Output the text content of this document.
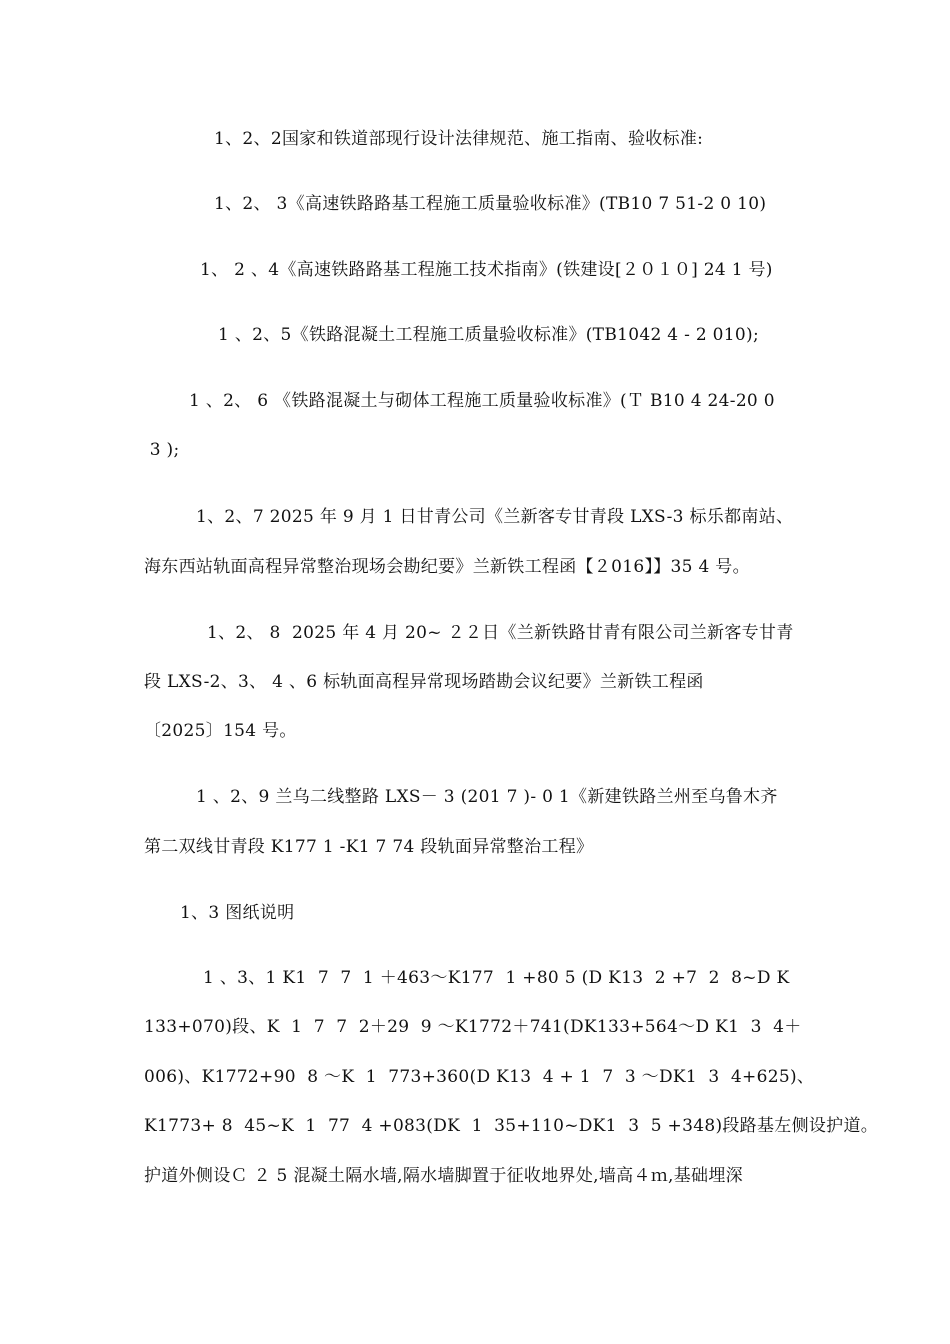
1、2、2国家和铁道部现行设计法律规范、施工指南、验收标准:
1、2、 3《高速铁路路基工程施工质量验收标准》(TB10 7 51-2 0 10)
1、 2 、4《高速铁路路基工程施工技术指南》(铁建设[２０１０] 24 1 号)
1 、2、5《铁路混凝土工程施工质量验收标准》(TB1042 4 - 2 010);
1 、2、 6 《铁路混凝土与砌体工程施工质量验收标准》(Ｔ B10 4 24-20 0
3 );
1、2、7 2025 年 9 月 1 日甘青公司《兰新客专甘青段 LXS-3 标乐都南站、
海东西站轨面高程异常整治现场会勘纪要》兰新铁工程函【２016】】35 4 号。
1、2、 8  2025 年 4 月 20~ ２２日《兰新铁路甘青有限公司兰新客专甘青
段 LXS-2、3、 4 、6 标轨面高程异常现场踏勘会议纪要》兰新铁工程函
〔2025〕154 号。
1 、2、9 兰乌二线整路 LXS－ 3 (201 7 )- 0 1《新建铁路兰州至乌鲁木齐
第二双线甘青段 K177 1 -K1 7 74 段轨面异常整治工程》
1、3 图纸说明
1 、3、1 K1  7  7  1 ＋463～K177  1 +80 5 (D K13  2 +7  2  8~D K
133+070)段、K  1  7  7  2＋29  9 ～K1772＋741(DK133+564～D K1  3  4＋
006)、K1772+90  8 ～K  1  773+360(D K13  4 + 1  7  3 ～DK1  3  4+625)、
K1773+ 8  45~K  1  77  4 +083(DK  1  35+110~DK1  3  5 +348)段路基左侧设护道。
护道外侧设Ｃ ２ 5 混凝土隔水墙,隔水墙脚置于征收地界处,墙高４ｍ,基础埋深
